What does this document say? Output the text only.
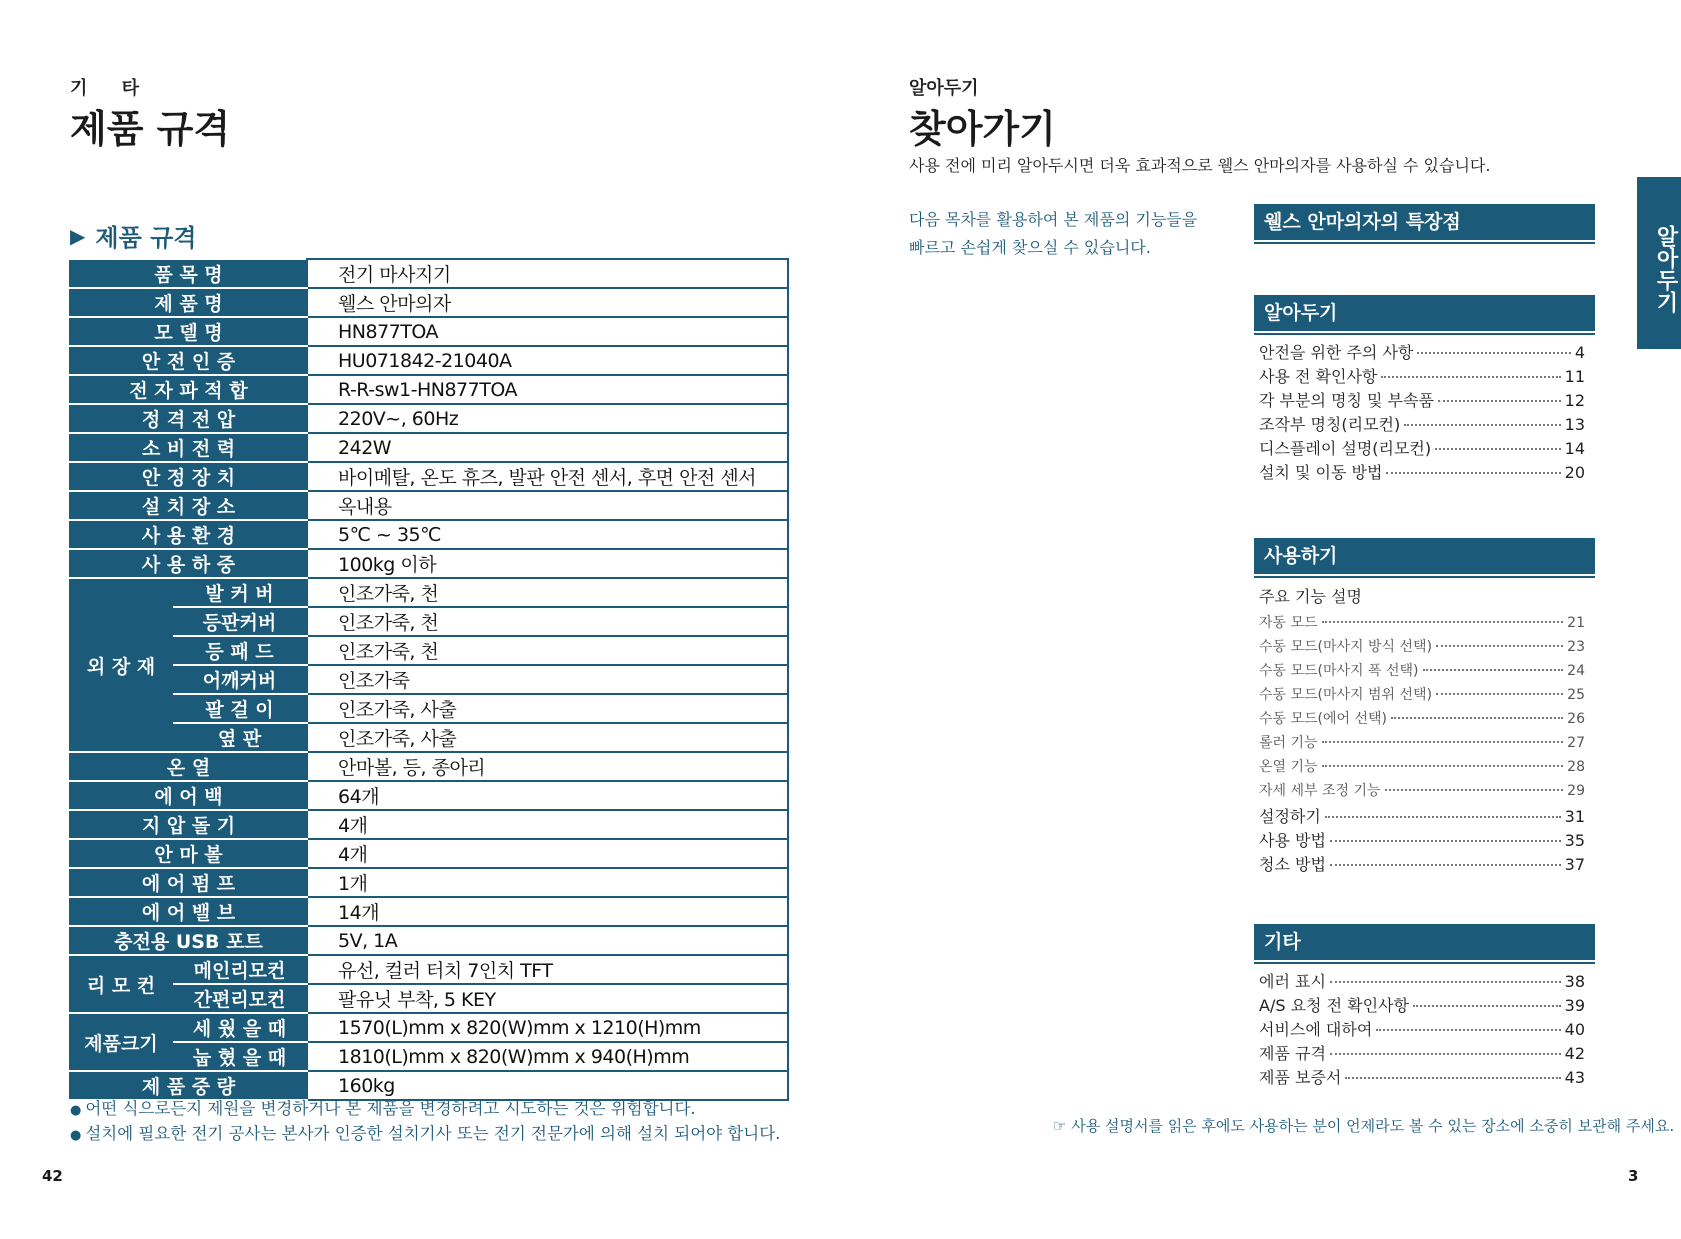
기 타
제품 규격
▶ 제품 규격
품 목 명		전기 마사지기
제 품 명		웰스 안마의자
모 델 명		HN877TOA
안 전 인 증		HU071842-21040A
전 자 파 적 합		R-R-sw1-HN877TOA
정 격 전 압		220V~, 60Hz
소 비 전 력		242W
안 정 장 치		바이메탈, 온도 휴즈, 발판 안전 센서, 후면 안전 센서
설 치 장 소		옥내용
사 용 환 경		5℃ ~ 35℃
사 용 하 중		100kg 이하
외 장 재	발 커 버	인조가죽, 천
	등판커버	인조가죽, 천
	등 패 드	인조가죽, 천
	어깨커버	인조가죽
	팔 걸 이	인조가죽, 사출
	옆 판	인조가죽, 사출
온 열		안마볼, 등, 종아리
에 어 백		64개
지 압 돌 기		4개
안 마 볼		4개
에 어 펌 프		1개
에 어 밸 브		14개
충전용 USB 포트		5V, 1A
리 모 컨	메인리모컨	유선, 컬러 터치 7인치 TFT
	간편리모컨	팔유닛 부착, 5 KEY
제품크기	세 웠 을 때	1570(L)mm x 820(W)mm x 1210(H)mm
	눕 혔 을 때	1810(L)mm x 820(W)mm x 940(H)mm
제 품 중 량		160kg
● 어떤 식으로든지 제원을 변경하거나 본 제품을 변경하려고 시도하는 것은 위험합니다.
● 설치에 필요한 전기 공사는 본사가 인증한 설치기사 또는 전기 전문가에 의해 설치 되어야 합니다.
42
알아두기
찾아가기
사용 전에 미리 알아두시면 더욱 효과적으로 웰스 안마의자를 사용하실 수 있습니다.
다음 목차를 활용하여 본 제품의 기능들을
빠르고 손쉽게 찾으실 수 있습니다.	알아두기
웰스 안마의자의 특장점
알아두기
안전을 위한 주의 사항	4
사용 전 확인사항	11
각 부분의 명칭 및 부속품	12
조작부 명칭(리모컨)	13
디스플레이 설명(리모컨)	14
설치 및 이동 방법	20
사용하기
주요 기능 설명
자동 모드	21
수동 모드(마사지 방식 선택)	23
수동 모드(마사지 폭 선택)	24
수동 모드(마사지 범위 선택)	25
수동 모드(에어 선택)	26
롤러 기능	27
온열 기능	28
자세 세부 조정 기능	29
설정하기	31
사용 방법	35
청소 방법	37
기타
에러 표시	38
A/S 요청 전 확인사항	39
서비스에 대하여	40
제품 규격	42
제품 보증서	43
☞ 사용 설명서를 읽은 후에도 사용하는 분이 언제라도 볼 수 있는 장소에 소중히 보관해 주세요.
3
